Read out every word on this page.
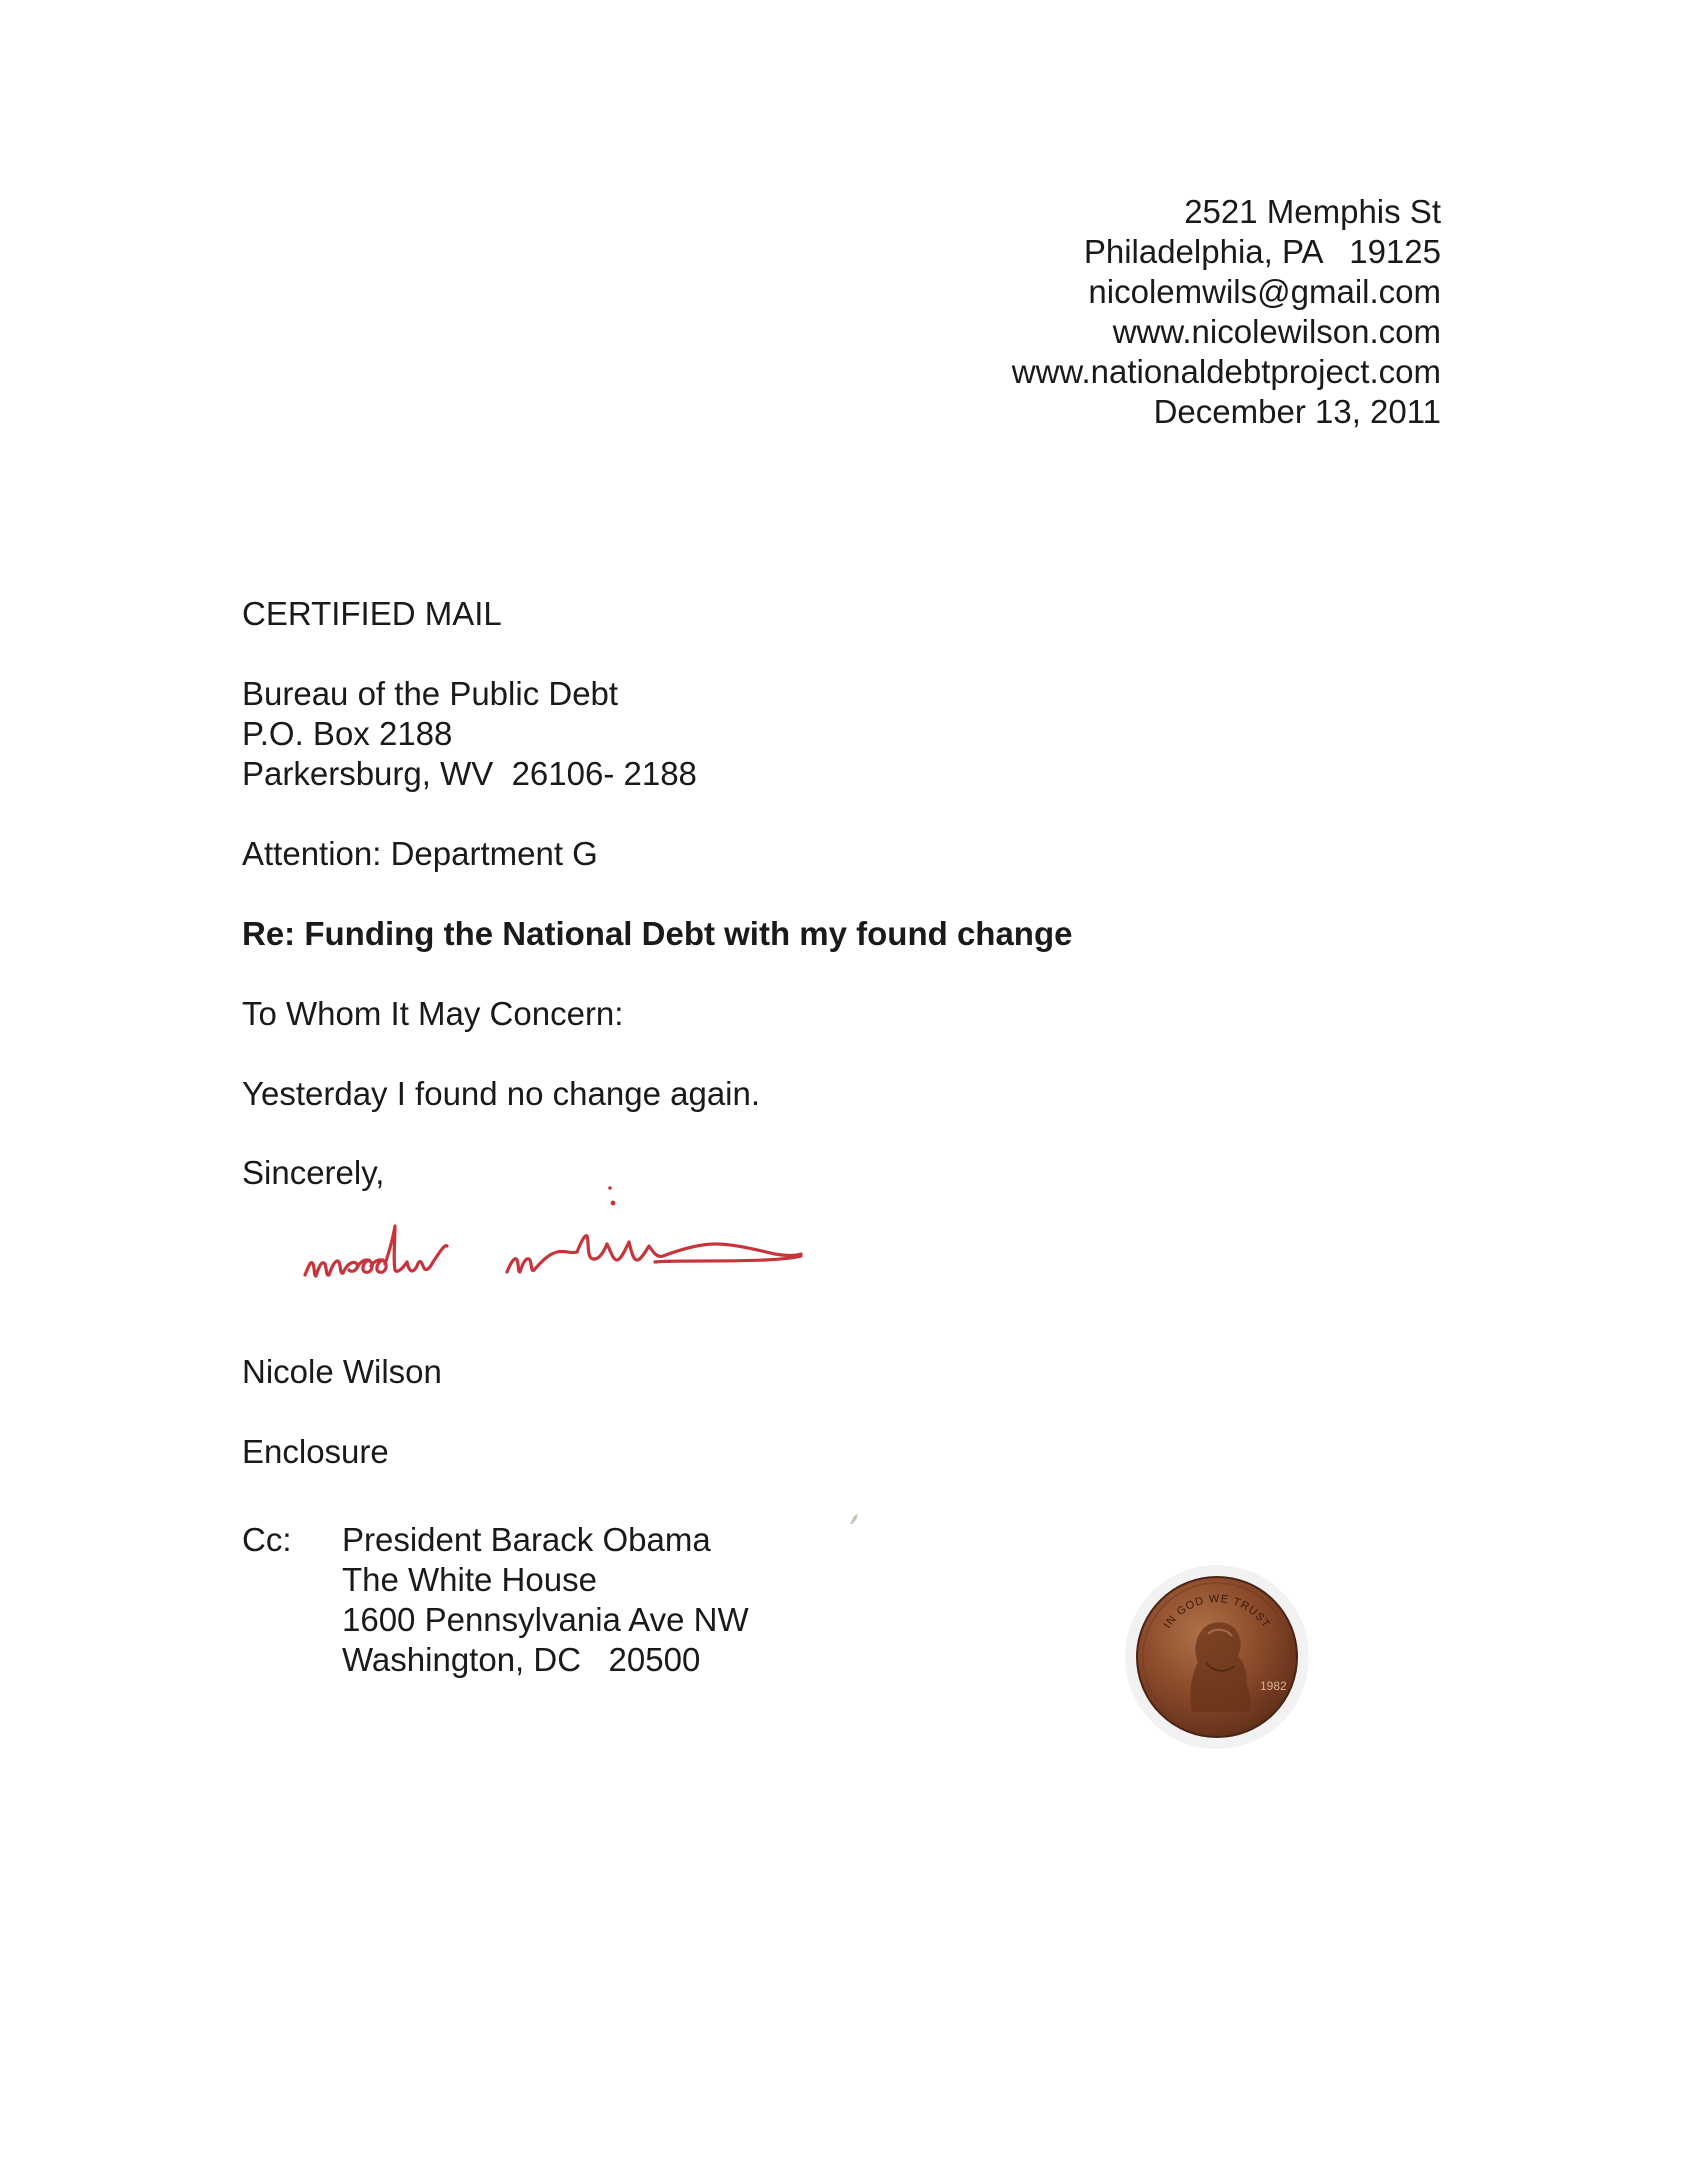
2521 Memphis St
Philadelphia, PA   19125
nicolemwils@gmail.com
www.nicolewilson.com
www.nationaldebtproject.com
December 13, 2011
CERTIFIED MAIL
Bureau of the Public Debt
P.O. Box 2188
Parkersburg, WV  26106- 2188
Attention: Department G
Re: Funding the National Debt with my found change
To Whom It May Concern:
Yesterday I found no change again.
Sincerely,
Nicole Wilson
Enclosure
Cc: President Barack Obama
The White House
1600 Pennsylvania Ave NW
Washington, DC   20500
IN GOD WE TRUST
1982
